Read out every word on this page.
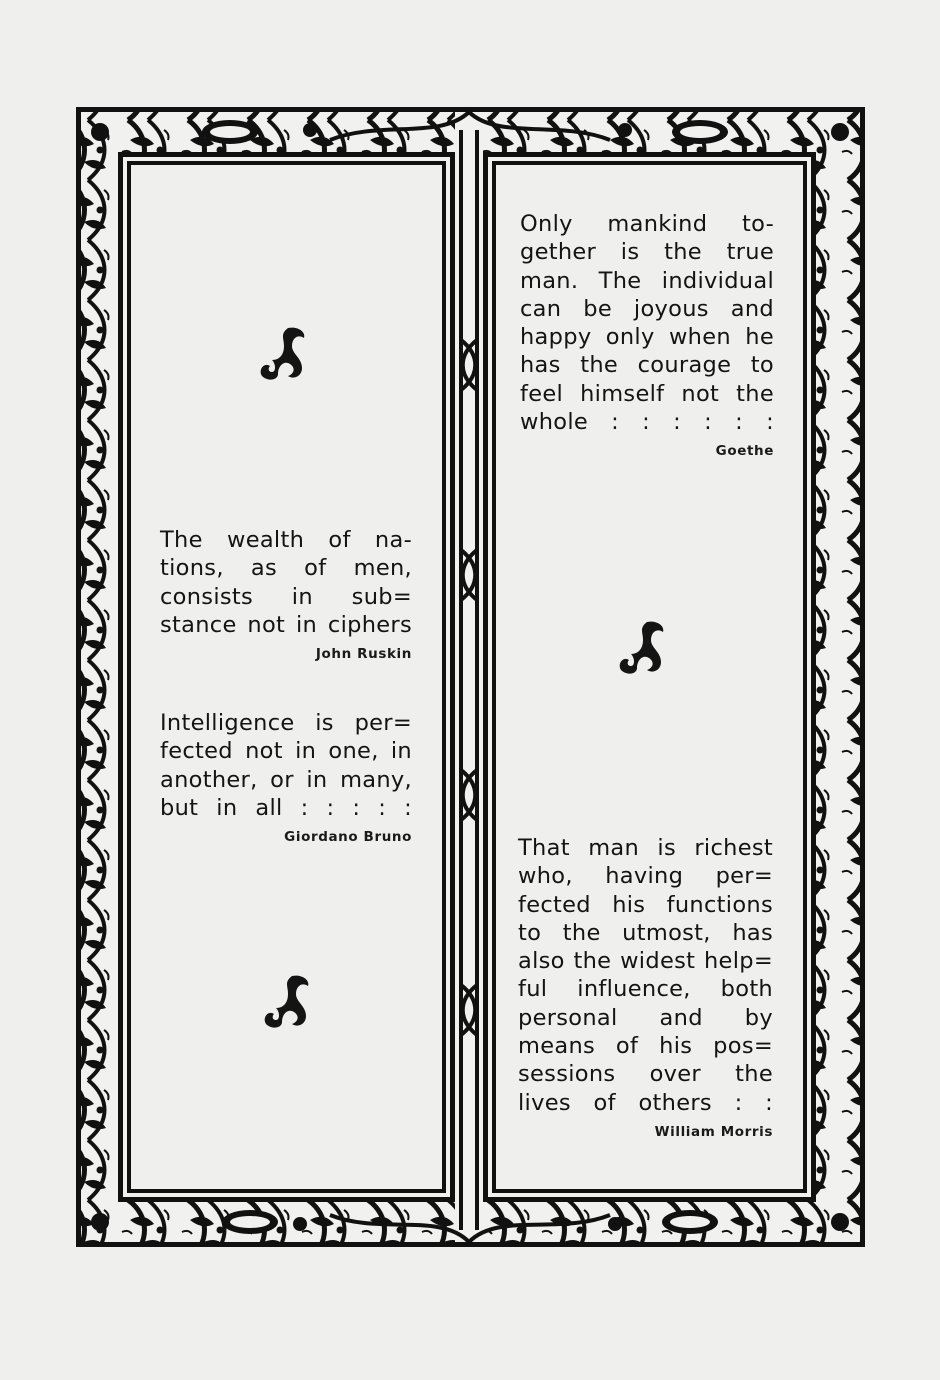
The wealth of na-
tions, as of men,
consists in sub=
stance not in ciphers
John Ruskin
Intelligence is per=
fected not in one, in
another, or in many,
but in all : : : : :
Giordano Bruno
Only mankind to-
gether is the true
man. The individual
can be joyous and
happy only when he
has the courage to
feel himself not the
whole : : : : : :
Goethe
That man is richest
who, having per=
fected his functions
to the utmost, has
also the widest help=
ful influence, both
personal and by
means of his pos=
sessions over the
lives of others : :
William Morris
